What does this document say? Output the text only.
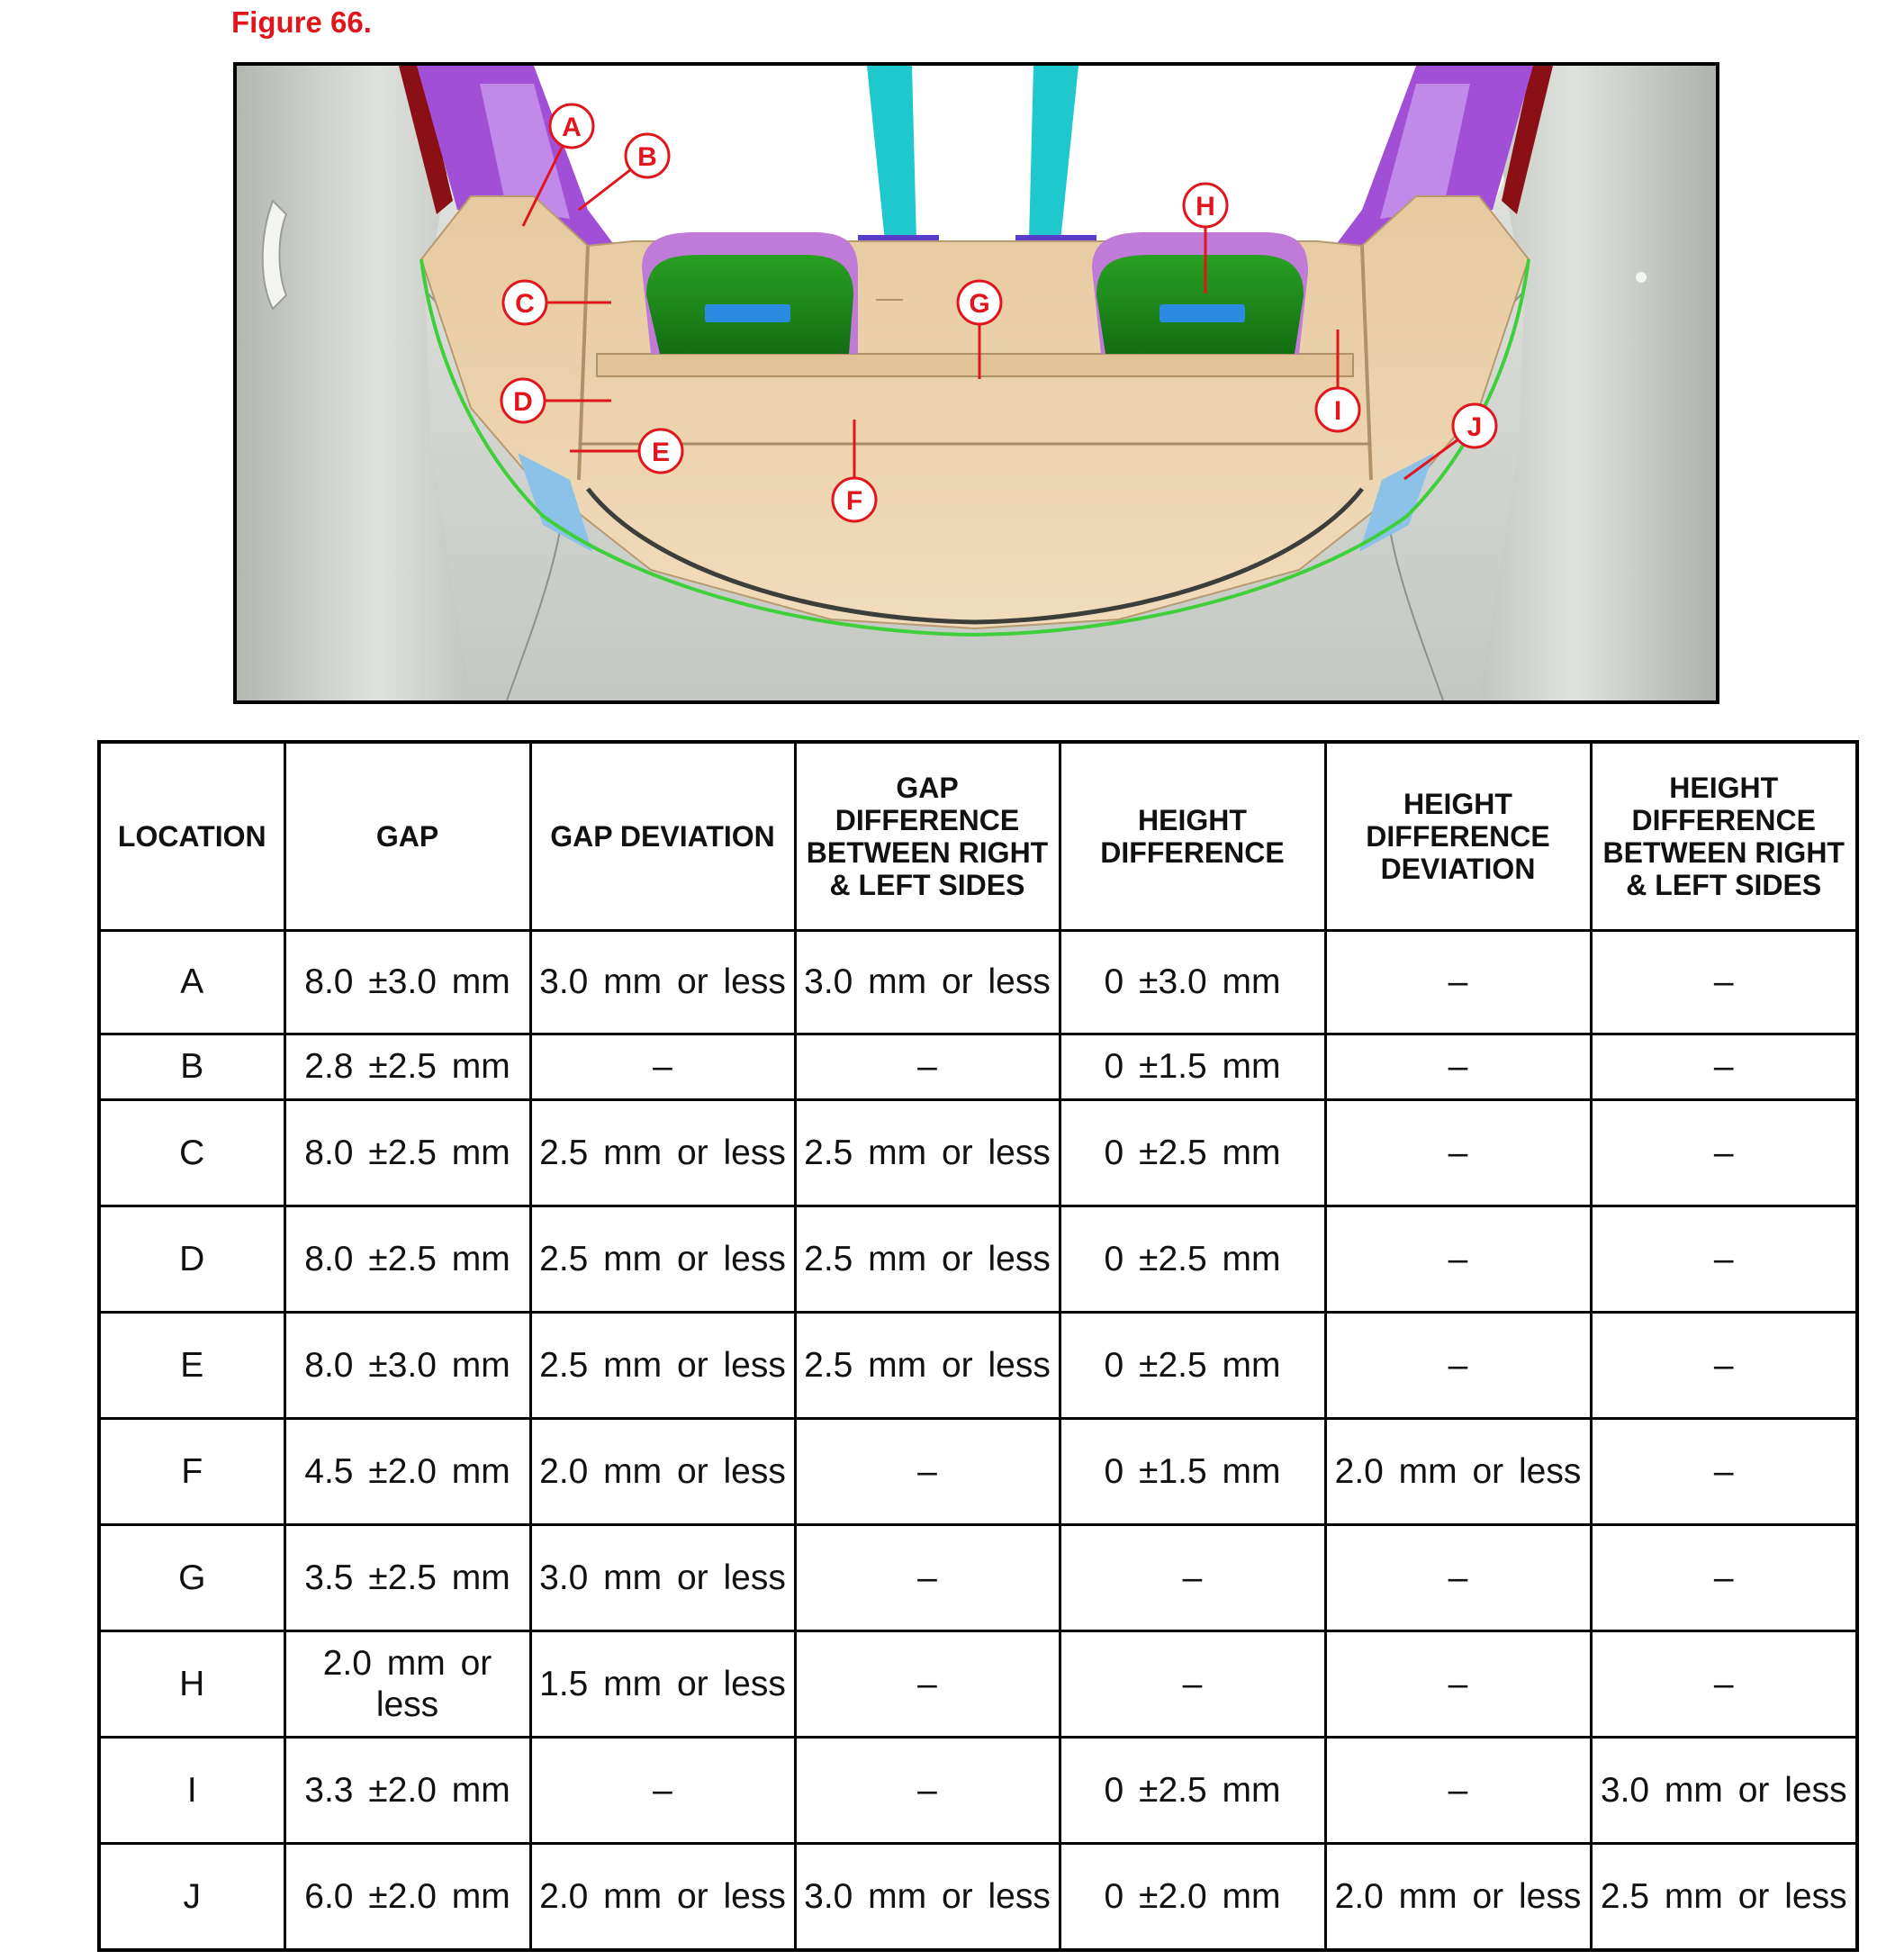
Figure 66.
A
B
C
D
E
F
G
H
I
J
LOCATION	GAP	GAP DEVIATION	GAP DIFFERENCE BETWEEN RIGHT & LEFT SIDES	HEIGHT DIFFERENCE	HEIGHT DIFFERENCE DEVIATION	HEIGHT DIFFERENCE BETWEEN RIGHT & LEFT SIDES
A	8.0 ±3.0 mm	3.0 mm or less	3.0 mm or less	0 ±3.0 mm	–	–
B	2.8 ±2.5 mm	–	–	0 ±1.5 mm	–	–
C	8.0 ±2.5 mm	2.5 mm or less	2.5 mm or less	0 ±2.5 mm	–	–
D	8.0 ±2.5 mm	2.5 mm or less	2.5 mm or less	0 ±2.5 mm	–	–
E	8.0 ±3.0 mm	2.5 mm or less	2.5 mm or less	0 ±2.5 mm	–	–
F	4.5 ±2.0 mm	2.0 mm or less	–	0 ±1.5 mm	2.0 mm or less	–
G	3.5 ±2.5 mm	3.0 mm or less	–	–	–	–
H	2.0 mm or less	1.5 mm or less	–	–	–	–
I	3.3 ±2.0 mm	–	–	0 ±2.5 mm	–	3.0 mm or less
J	6.0 ±2.0 mm	2.0 mm or less	3.0 mm or less	0 ±2.0 mm	2.0 mm or less	2.5 mm or less
